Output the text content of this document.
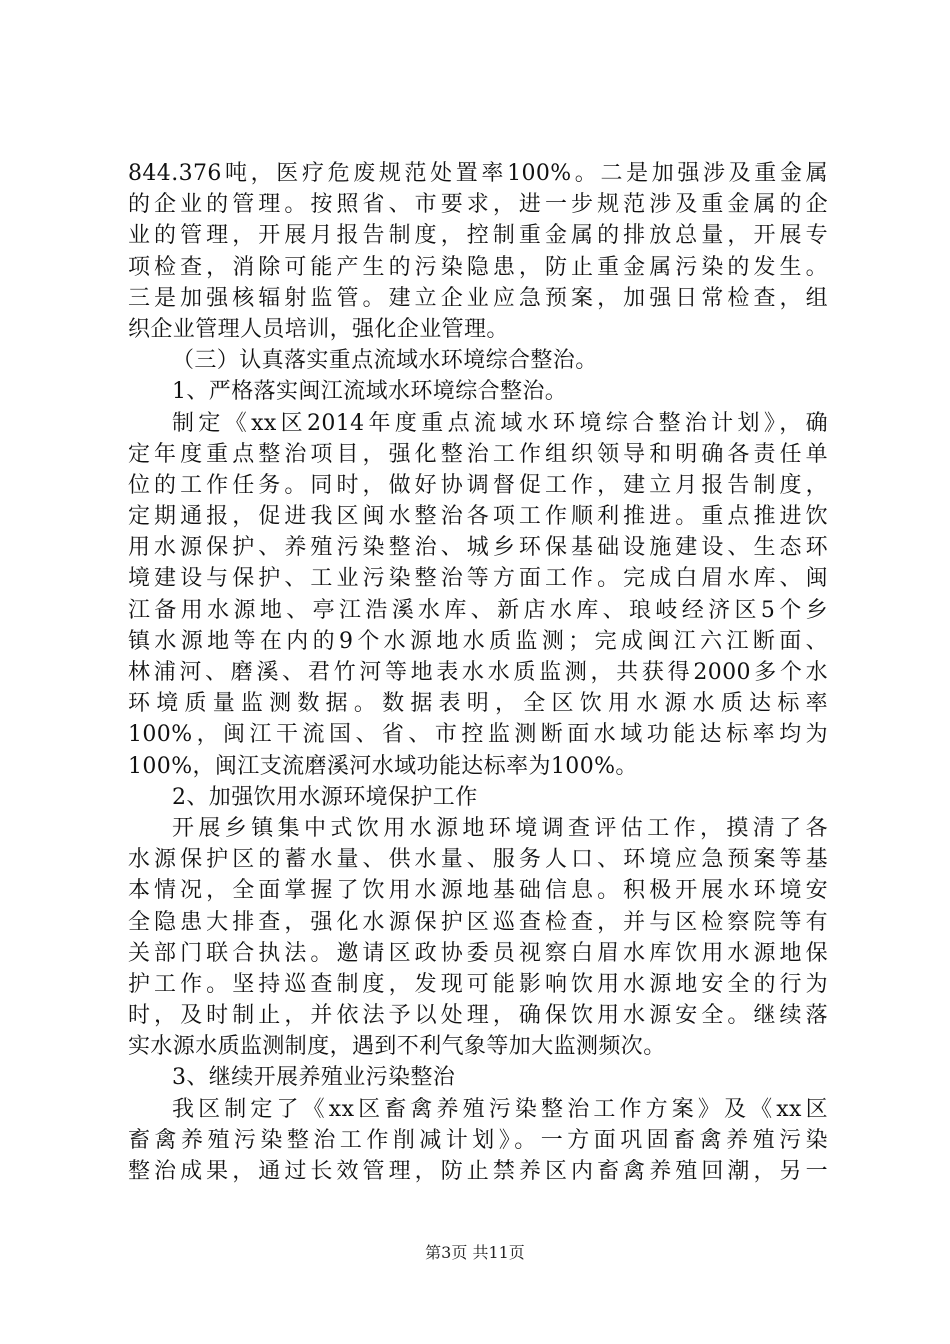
844.376吨，医疗危废规范处置率100%。二是加强涉及重金属
的企业的管理。按照省、市要求，进一步规范涉及重金属的企
业的管理，开展月报告制度，控制重金属的排放总量，开展专
项检查，消除可能产生的污染隐患，防止重金属污染的发生。
三是加强核辐射监管。建立企业应急预案，加强日常检查，组
织企业管理人员培训，强化企业管理。
（三）认真落实重点流域水环境综合整治。
1、严格落实闽江流域水环境综合整治。
制定《xx区2014年度重点流域水环境综合整治计划》，确
定年度重点整治项目，强化整治工作组织领导和明确各责任单
位的工作任务。同时，做好协调督促工作，建立月报告制度，
定期通报，促进我区闽水整治各项工作顺利推进。重点推进饮
用水源保护、养殖污染整治、城乡环保基础设施建设、生态环
境建设与保护、工业污染整治等方面工作。完成白眉水库、闽
江备用水源地、亭江浩溪水库、新店水库、琅岐经济区5个乡
镇水源地等在内的9个水源地水质监测；完成闽江六江断面、
林浦河、磨溪、君竹河等地表水水质监测，共获得2000多个水
环境质量监测数据。数据表明，全区饮用水源水质达标率
100%，闽江干流国、省、市控监测断面水域功能达标率均为
100%，闽江支流磨溪河水域功能达标率为100%。
2、加强饮用水源环境保护工作
开展乡镇集中式饮用水源地环境调查评估工作，摸清了各
水源保护区的蓄水量、供水量、服务人口、环境应急预案等基
本情况，全面掌握了饮用水源地基础信息。积极开展水环境安
全隐患大排查，强化水源保护区巡查检查，并与区检察院等有
关部门联合执法。邀请区政协委员视察白眉水库饮用水源地保
护工作。坚持巡查制度，发现可能影响饮用水源地安全的行为
时，及时制止，并依法予以处理，确保饮用水源安全。继续落
实水源水质监测制度，遇到不利气象等加大监测频次。
3、继续开展养殖业污染整治
我区制定了《xx区畜禽养殖污染整治工作方案》及《xx区
畜禽养殖污染整治工作削减计划》。一方面巩固畜禽养殖污染
整治成果，通过长效管理，防止禁养区内畜禽养殖回潮，另一
第3页 共11页
